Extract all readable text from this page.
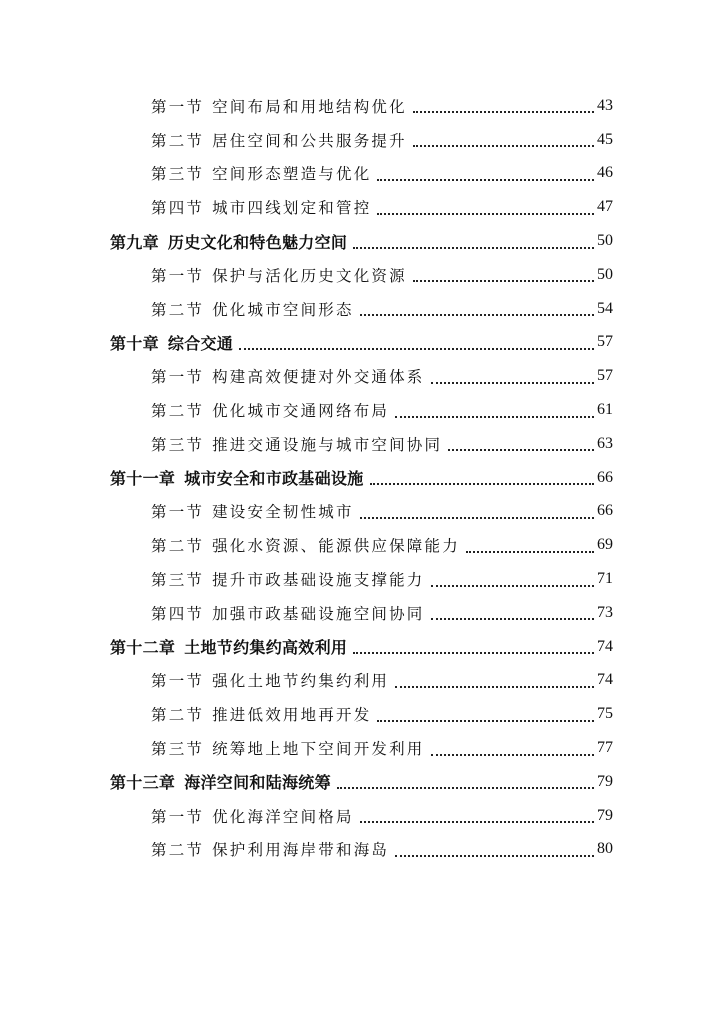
第一节 空间布局和用地结构优化	43
第二节 居住空间和公共服务提升	45
第三节 空间形态塑造与优化	46
第四节 城市四线划定和管控	47
第九章 历史文化和特色魅力空间	50
第一节 保护与活化历史文化资源	50
第二节 优化城市空间形态	54
第十章 综合交通	57
第一节 构建高效便捷对外交通体系	57
第二节 优化城市交通网络布局	61
第三节 推进交通设施与城市空间协同	63
第十一章 城市安全和市政基础设施	66
第一节 建设安全韧性城市	66
第二节 强化水资源、能源供应保障能力	69
第三节 提升市政基础设施支撑能力	71
第四节 加强市政基础设施空间协同	73
第十二章 土地节约集约高效利用	74
第一节 强化土地节约集约利用	74
第二节 推进低效用地再开发	75
第三节 统筹地上地下空间开发利用	77
第十三章 海洋空间和陆海统筹	79
第一节 优化海洋空间格局	79
第二节 保护利用海岸带和海岛	80
